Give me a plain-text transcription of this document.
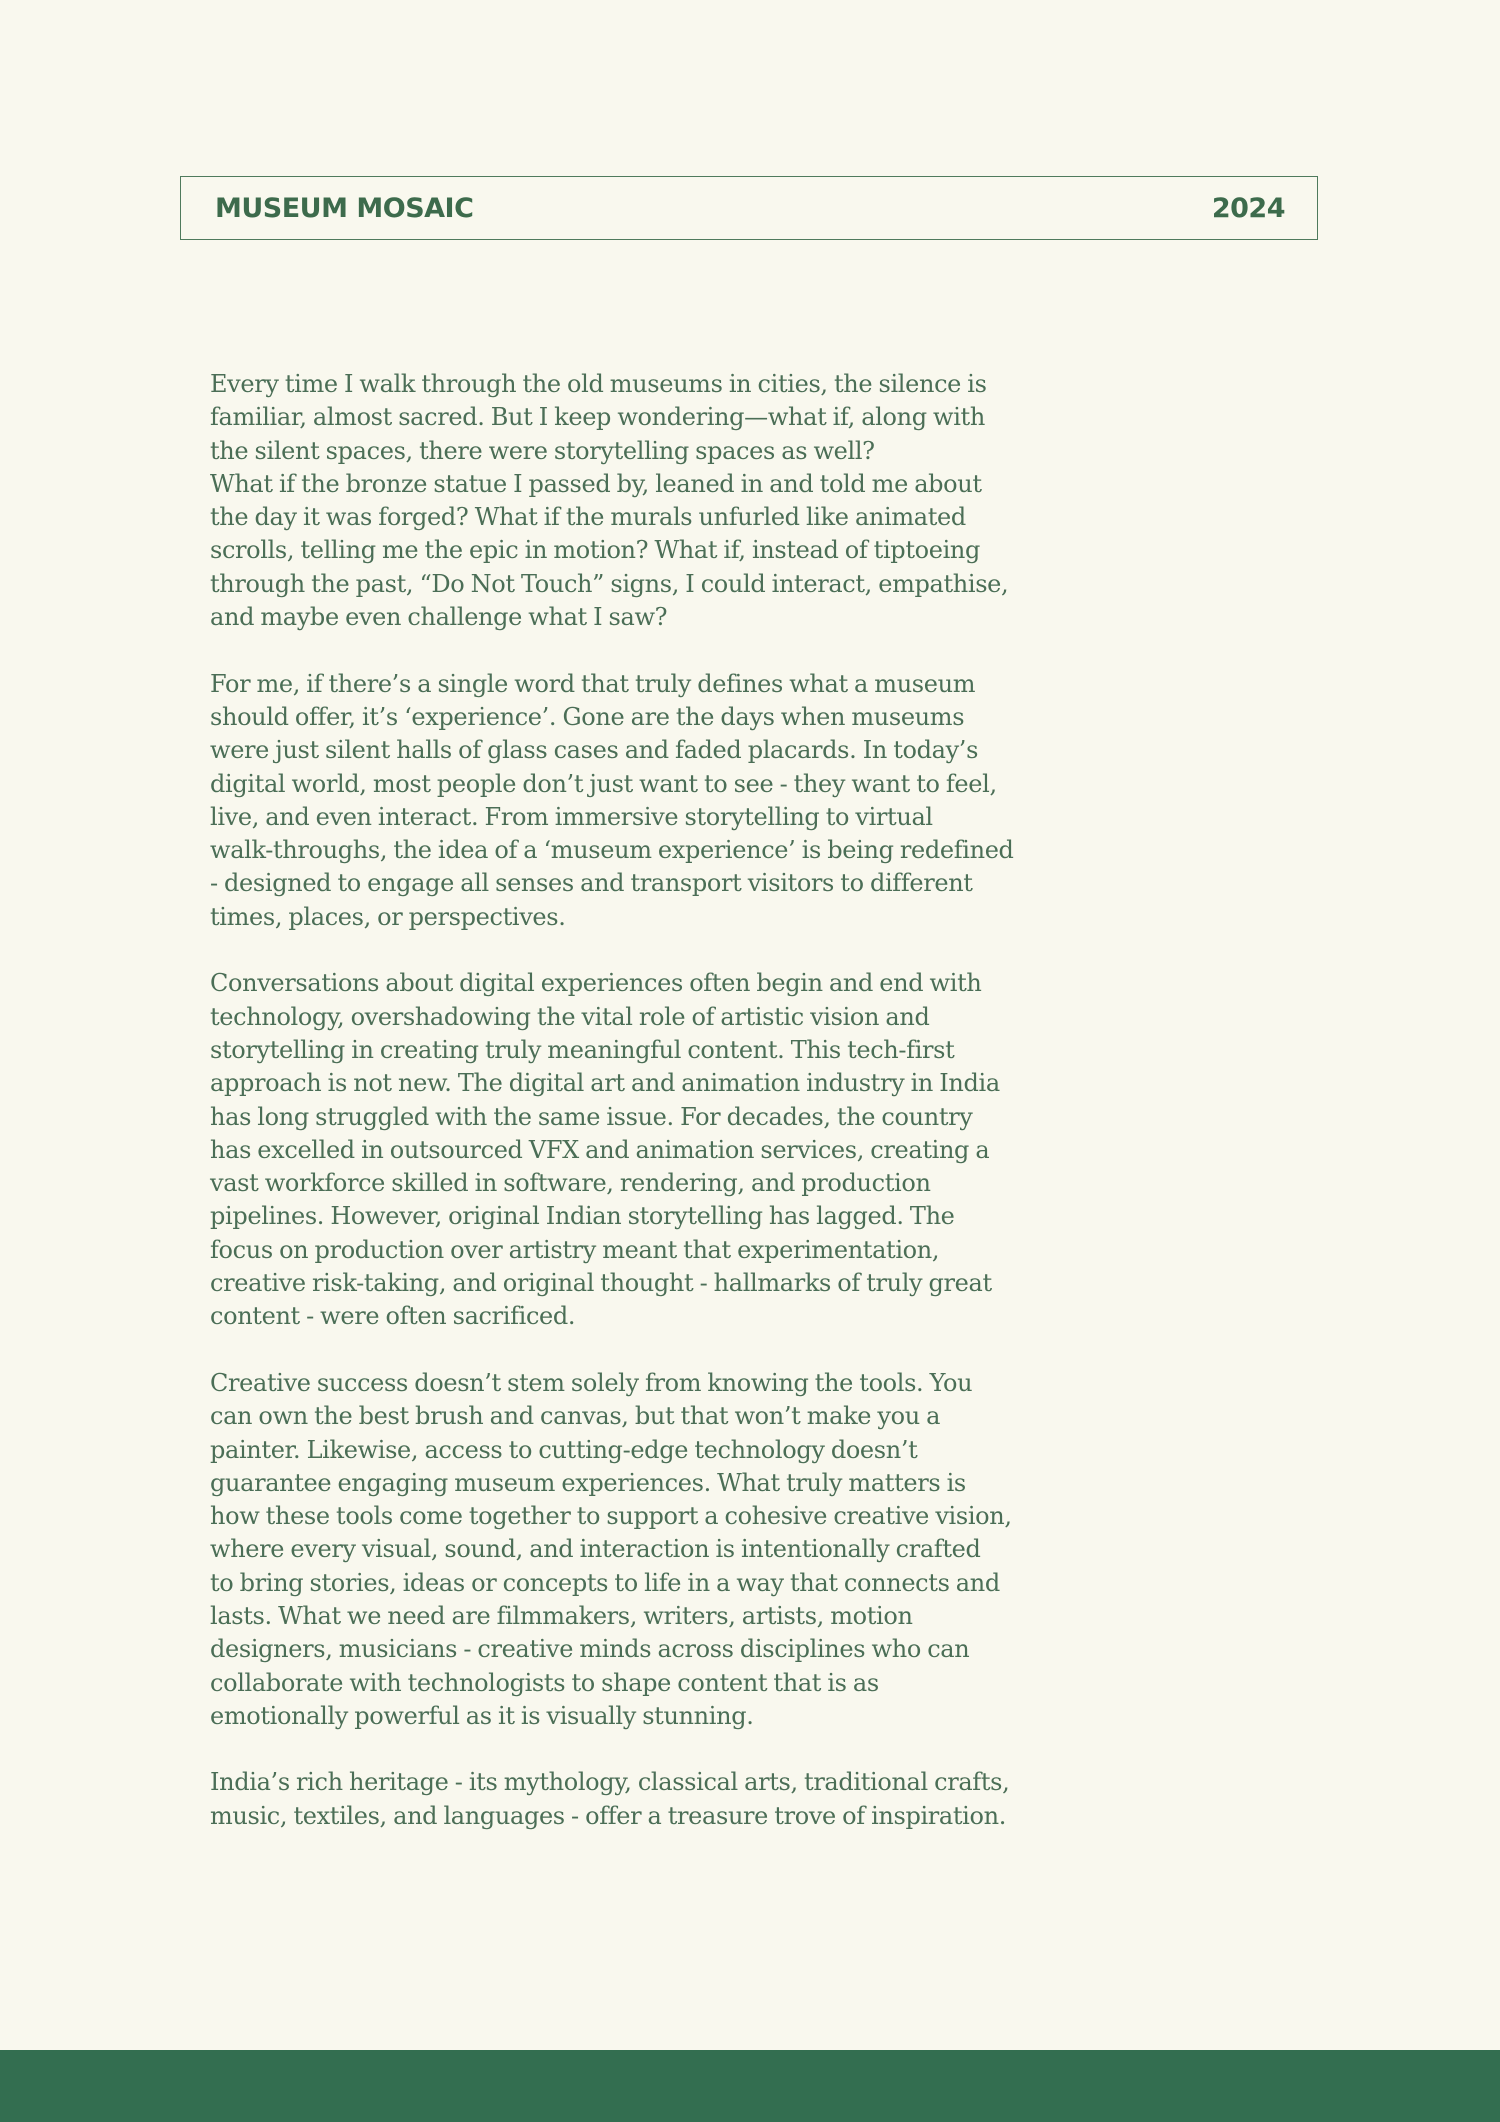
MUSEUM MOSAIC	2024

Every time I walk through the old museums in cities, the silence is
familiar, almost sacred. But I keep wondering—what if, along with
the silent spaces, there were storytelling spaces as well?
What if the bronze statue I passed by, leaned in and told me about
the day it was forged? What if the murals unfurled like animated
scrolls, telling me the epic in motion? What if, instead of tiptoeing
through the past, “Do Not Touch” signs, I could interact, empathise,
and maybe even challenge what I saw?

For me, if there’s a single word that truly defines what a museum
should offer, it’s ‘experience’. Gone are the days when museums
were just silent halls of glass cases and faded placards. In today’s
digital world, most people don’t just want to see - they want to feel,
live, and even interact. From immersive storytelling to virtual
walk-throughs, the idea of a ‘museum experience’ is being redefined
- designed to engage all senses and transport visitors to different
times, places, or perspectives.

Conversations about digital experiences often begin and end with
technology, overshadowing the vital role of artistic vision and
storytelling in creating truly meaningful content. This tech-first
approach is not new. The digital art and animation industry in India
has long struggled with the same issue. For decades, the country
has excelled in outsourced VFX and animation services, creating a
vast workforce skilled in software, rendering, and production
pipelines. However, original Indian storytelling has lagged. The
focus on production over artistry meant that experimentation,
creative risk-taking, and original thought - hallmarks of truly great
content - were often sacrificed.

Creative success doesn’t stem solely from knowing the tools. You
can own the best brush and canvas, but that won’t make you a
painter. Likewise, access to cutting-edge technology doesn’t
guarantee engaging museum experiences. What truly matters is
how these tools come together to support a cohesive creative vision,
where every visual, sound, and interaction is intentionally crafted
to bring stories, ideas or concepts to life in a way that connects and
lasts. What we need are filmmakers, writers, artists, motion
designers, musicians - creative minds across disciplines who can
collaborate with technologists to shape content that is as
emotionally powerful as it is visually stunning.

India’s rich heritage - its mythology, classical arts, traditional crafts,
music, textiles, and languages - offer a treasure trove of inspiration.
